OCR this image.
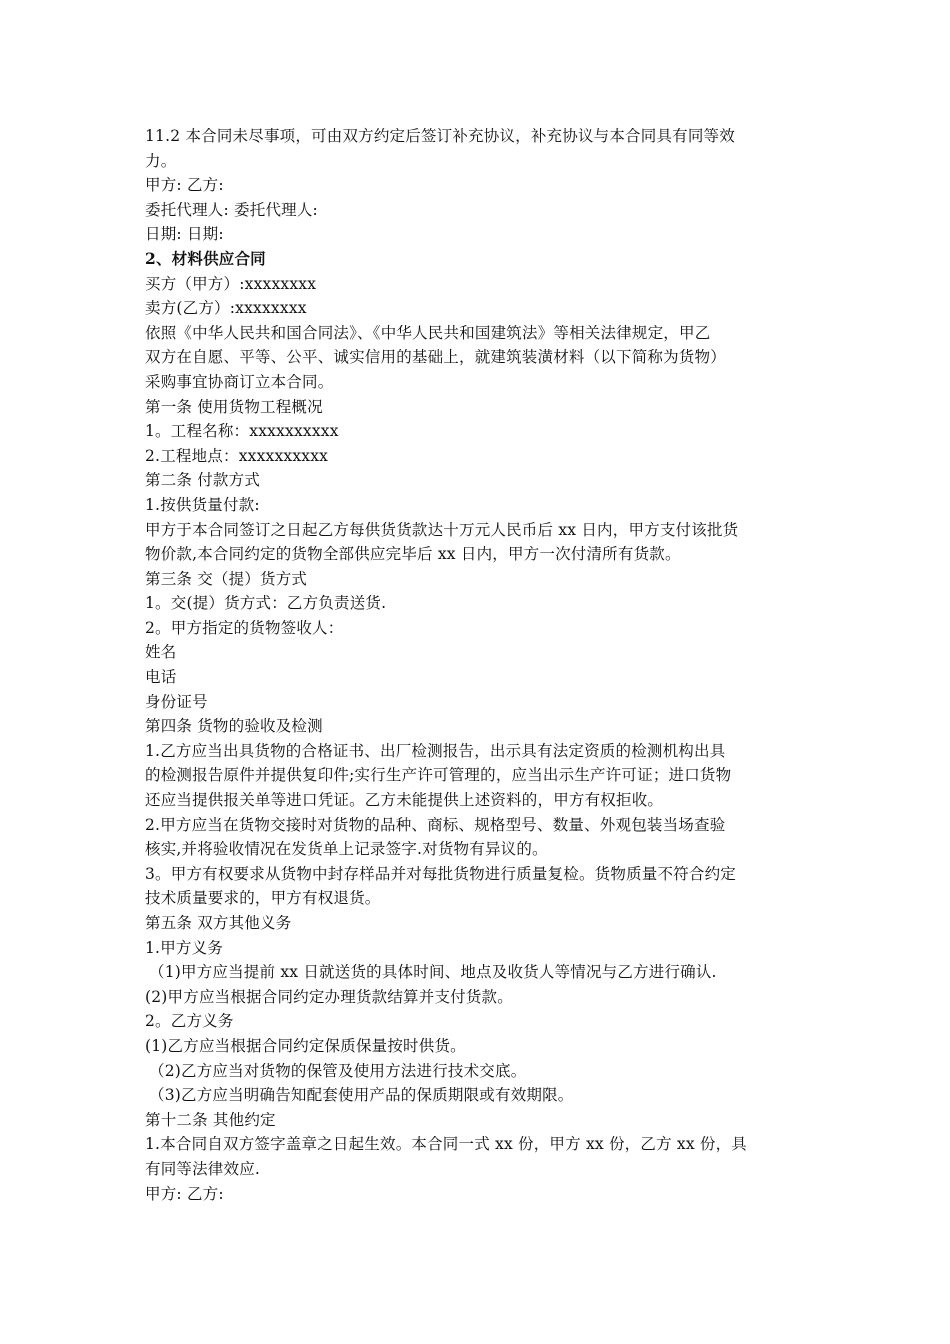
11.2 本合同未尽事项，可由双方约定后签订补充协议，补充协议与本合同具有同等效
力。
甲方: 乙方:
委托代理人: 委托代理人:
日期: 日期:
2、材料供应合同
买方（甲方）:xxxxxxxx
卖方(乙方）:xxxxxxxx
依照《中华人民共和国合同法》、《中华人民共和国建筑法》等相关法律规定，甲乙
双方在自愿、平等、公平、诚实信用的基础上，就建筑装潢材料（以下简称为货物）
采购事宜协商订立本合同。
第一条 使用货物工程概况
1。工程名称：xxxxxxxxxx
2.工程地点：xxxxxxxxxx
第二条 付款方式
1.按供货量付款:
甲方于本合同签订之日起乙方每供货货款达十万元人民币后 xx 日内，甲方支付该批货
物价款,本合同约定的货物全部供应完毕后 xx 日内，甲方一次付清所有货款。
第三条 交（提）货方式
1。交(提）货方式：乙方负责送货.
2。甲方指定的货物签收人：
姓名
电话
身份证号
第四条 货物的验收及检测
1.乙方应当出具货物的合格证书、出厂检测报告，出示具有法定资质的检测机构出具
的检测报告原件并提供复印件;实行生产许可管理的，应当出示生产许可证；进口货物
还应当提供报关单等进口凭证。乙方未能提供上述资料的，甲方有权拒收。
2.甲方应当在货物交接时对货物的品种、商标、规格型号、数量、外观包装当场查验
核实,并将验收情况在发货单上记录签字.对货物有异议的。
3。甲方有权要求从货物中封存样品并对每批货物进行质量复检。货物质量不符合约定
技术质量要求的，甲方有权退货。
第五条 双方其他义务
1.甲方义务
（1)甲方应当提前 xx 日就送货的具体时间、地点及收货人等情况与乙方进行确认.
(2)甲方应当根据合同约定办理货款结算并支付货款。
2。乙方义务
(1)乙方应当根据合同约定保质保量按时供货。
（2)乙方应当对货物的保管及使用方法进行技术交底。
（3)乙方应当明确告知配套使用产品的保质期限或有效期限。
第十二条 其他约定
1.本合同自双方签字盖章之日起生效。本合同一式 xx 份，甲方 xx 份，乙方 xx 份，具
有同等法律效应.
甲方: 乙方:
